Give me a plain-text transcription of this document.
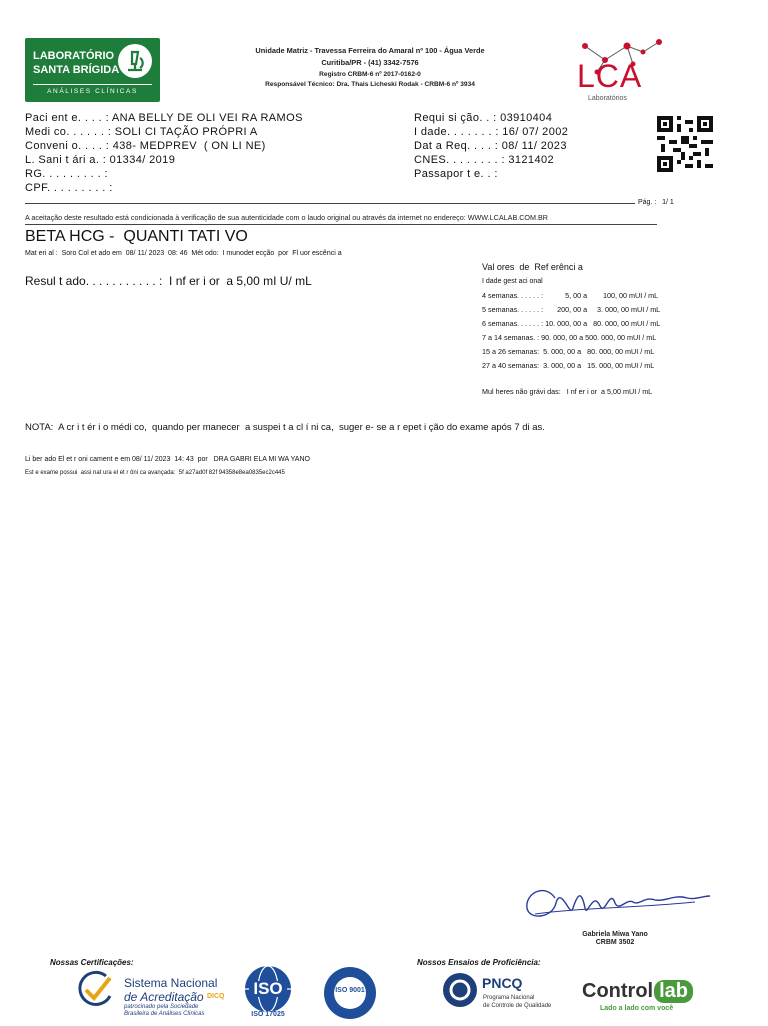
LABORATÓRIO
SANTA BRÍGIDA
ANÁLISES CLÍNICAS
Unidade Matriz - Travessa Ferreira do Amaral nº 100 - Água Verde
Curitiba/PR - (41) 3342-7576
Registro CRBM-6 nº 2017-0162-0
Responsável Técnico: Dra. Thais Licheski Rodak - CRBM-6 nº 3934	LCA
Laboratórios
Paci ent e. . . . : ANA BELLY DE OLI VEI RA RAMOS
Medi co. . . . . . : SOLI CI TAÇÃO PRÓPRI A
Conveni o. . . . : 438- MEDPREV  ( ON LI NE)
L. Sani t ári a. : 01334/ 2019
RG. . . . . . . . . :
CPF. . . . . . . . . :
Requi si ção. . : 03910404
I dade. . . . . . . : 16/ 07/ 2002
Dat a Req. . . . : 08/ 11/ 2023
CNES. . . . . . . . : 3121402
Passapor t e. . :
Pág. :   1/ 1
A aceitação deste resultado está condicionada à verificação de sua autenticidade com o laudo original ou através da internet no endereço: WWW.LCALAB.COM.BR
BETA HCG -  QUANTI TATI VO
Mat eri al :  Soro Col et ado em  08/ 11/ 2023  08: 46  Mét odo:  I munodet ecção  por  Fl uor escênci a
Resul t ado. . . . . . . . . . . :  I nf er i or  a 5,00 mI U/ mL
Val ores  de  Ref erênci a
I dade gest aci onal
4 semanas. . . . . . :           5, 00 a        100, 00 mUI / mL
5 semanas. . . . . . :       200, 00 a     3. 000, 00 mUI / mL
6 semanas. . . . . . : 10. 000, 00 a   80. 000, 00 mUI / mL
7 a 14 semanas. : 90. 000, 00 a 500. 000, 00 mUI / mL
15 a 26 semanas:  5. 000, 00 a   80. 000, 00 mUI / mL
27 a 40 semanas:  3. 000, 00 a   15. 000, 00 mUI / mL
Mul heres não grávi das:   I nf er i or  a 5,00 mUI / mL
NOTA:  A cr i t ér i o médi co,  quando per manecer  a suspei t a cl í ni ca,  suger e- se a r epet i ção do exame após 7 di as.
Li ber ado El et r oni cament e em 08/ 11/ 2023  14: 43  por   DRA GABRI ELA MI WA YANO
Est e exame possui  assi nat ura el et r ôni ca avançada:  5f a27ad0f 82f 94358e8ea0835ec2c445
Gabriela Miwa Yano
CRBM 3502
Nossas Certificações:	Nossos Ensaios de Proficiência:
Sistema Nacional
de Acreditação DICQ
patrocinado pela Sociedade
Brasileira de Análises Clínicas
ISO
ISO 17025
ISO 9001	PNCQ
Programa Nacional
de Controle de Qualidade
Control lab
Lado a lado com você
